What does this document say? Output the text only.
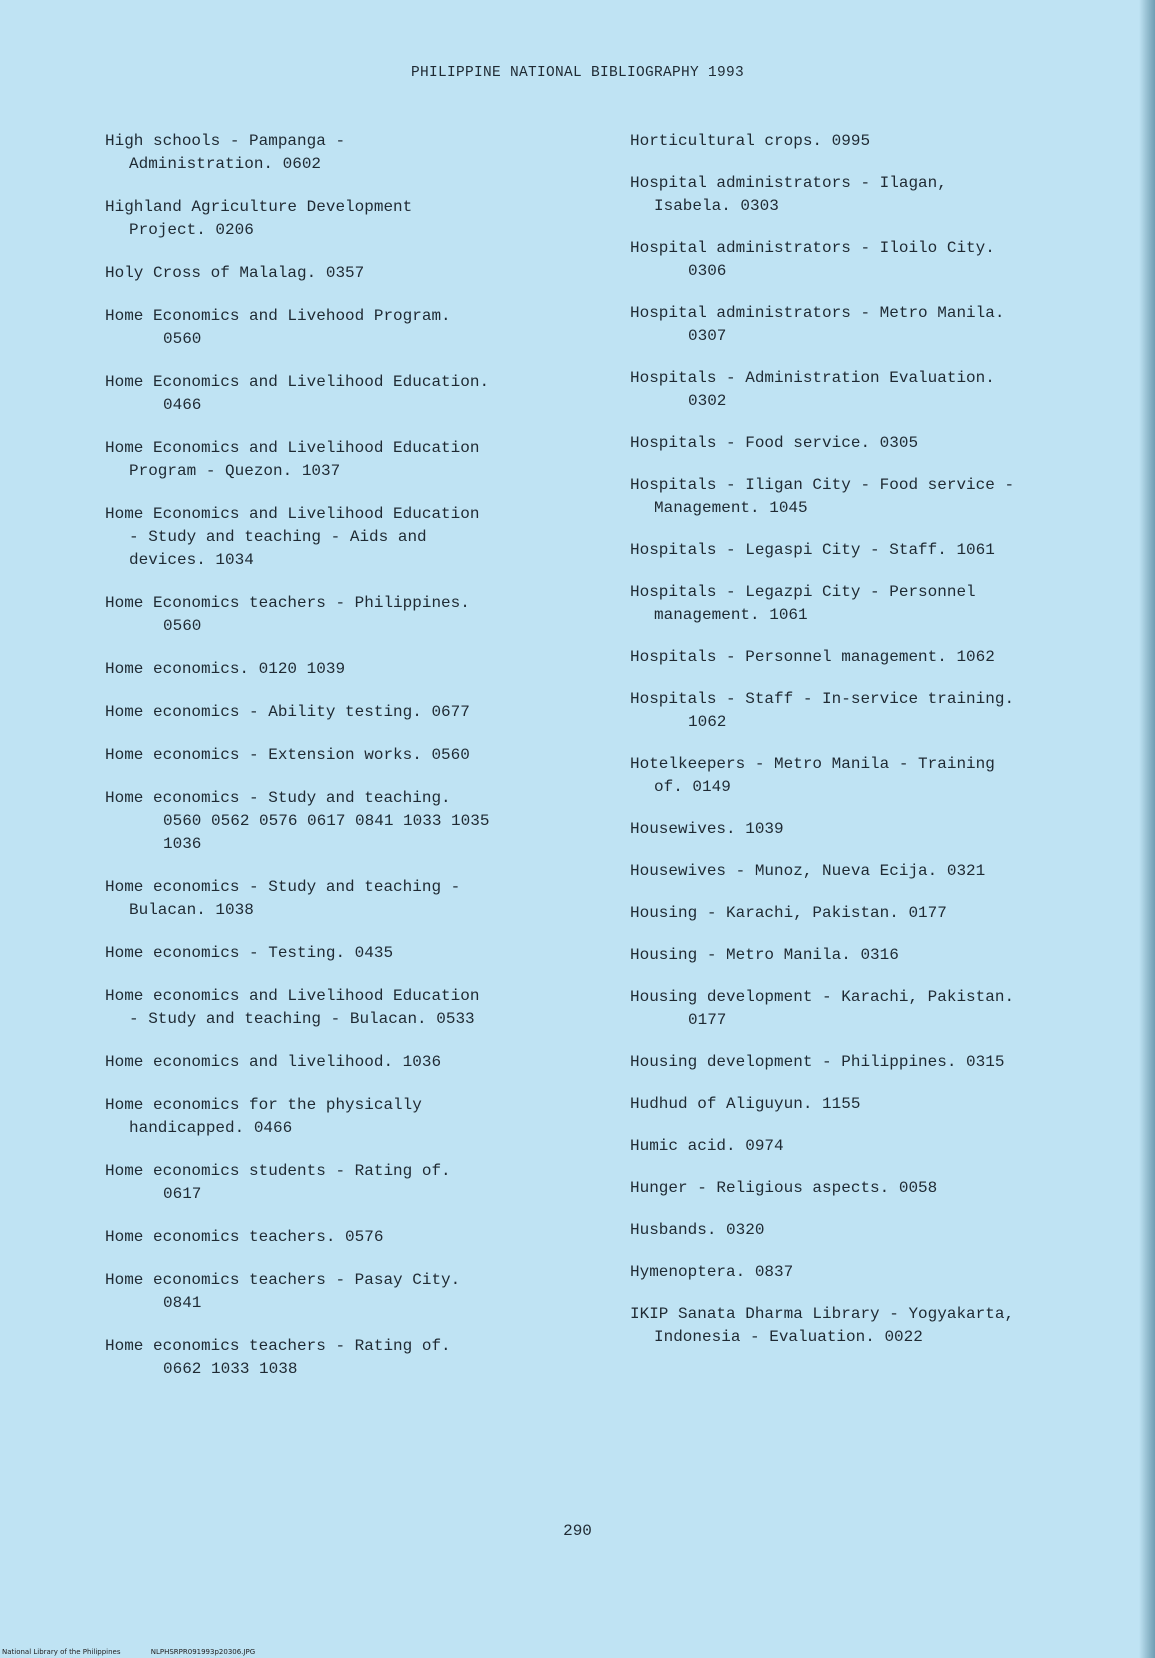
PHILIPPINE NATIONAL BIBLIOGRAPHY 1993
High schools - Pampanga -
Administration. 0602
Highland Agriculture Development
Project. 0206
Holy Cross of Malalag. 0357
Home Economics and Livehood Program.
0560
Home Economics and Livelihood Education.
0466
Home Economics and Livelihood Education
Program - Quezon. 1037
Home Economics and Livelihood Education
- Study and teaching - Aids and
devices. 1034
Home Economics teachers - Philippines.
0560
Home economics. 0120 1039
Home economics - Ability testing. 0677
Home economics - Extension works. 0560
Home economics - Study and teaching.
0560 0562 0576 0617 0841 1033 1035
1036
Home economics - Study and teaching -
Bulacan. 1038
Home economics - Testing. 0435
Home economics and Livelihood Education
- Study and teaching - Bulacan. 0533
Home economics and livelihood. 1036
Home economics for the physically
handicapped. 0466
Home economics students - Rating of.
0617
Home economics teachers. 0576
Home economics teachers - Pasay City.
0841
Home economics teachers - Rating of.
0662 1033 1038
Horticultural crops. 0995
Hospital administrators - Ilagan,
Isabela. 0303
Hospital administrators - Iloilo City.
0306
Hospital administrators - Metro Manila.
0307
Hospitals - Administration Evaluation.
0302
Hospitals - Food service. 0305
Hospitals - Iligan City - Food service -
Management. 1045
Hospitals - Legaspi City - Staff. 1061
Hospitals - Legazpi City - Personnel
management. 1061
Hospitals - Personnel management. 1062
Hospitals - Staff - In-service training.
1062
Hotelkeepers - Metro Manila - Training
of. 0149
Housewives. 1039
Housewives - Munoz, Nueva Ecija. 0321
Housing - Karachi, Pakistan. 0177
Housing - Metro Manila. 0316
Housing development - Karachi, Pakistan.
0177
Housing development - Philippines. 0315
Hudhud of Aliguyun. 1155
Humic acid. 0974
Hunger - Religious aspects. 0058
Husbands. 0320
Hymenoptera. 0837
IKIP Sanata Dharma Library - Yogyakarta,
Indonesia - Evaluation. 0022
290
National Library of the Philippines	NLPHSRPR091993p20306.JPG
